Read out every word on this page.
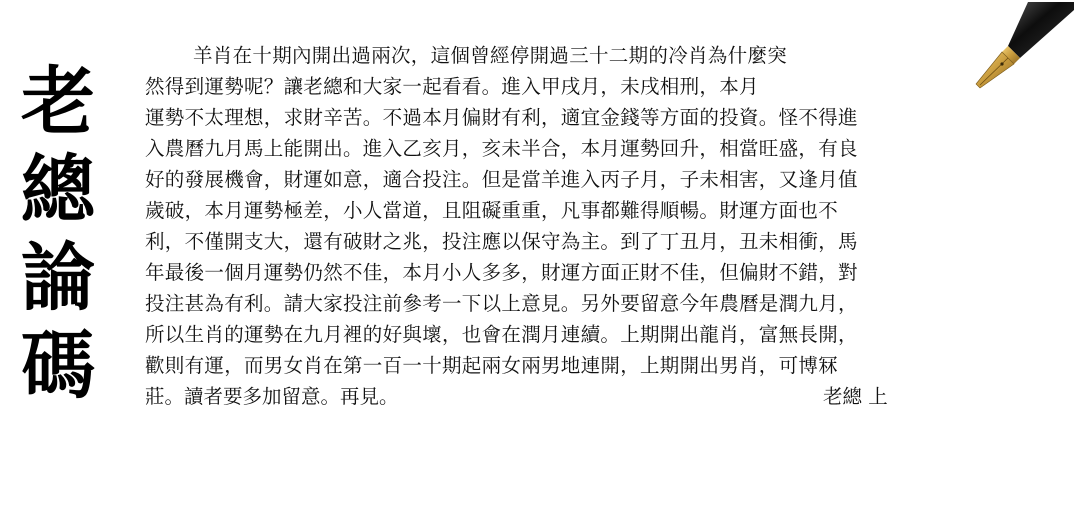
老
總
論
碼
羊肖在十期內開出過兩次，這個曾經停開過三十二期的冷肖為什麼突
然得到運勢呢？讓老總和大家一起看看。進入甲戌月，未戌相刑，本月
運勢不太理想，求財辛苦。不過本月偏財有利，適宜金錢等方面的投資。怪不得進
入農曆九月馬上能開出。進入乙亥月，亥未半合，本月運勢回升，相當旺盛，有良
好的發展機會，財運如意，適合投注。但是當羊進入丙子月，子未相害，又逢月值
歲破，本月運勢極差，小人當道，且阻礙重重，凡事都難得順暢。財運方面也不
利，不僅開支大，還有破財之兆，投注應以保守為主。到了丁丑月，丑未相衝，馬
年最後一個月運勢仍然不佳，本月小人多多，財運方面正財不佳，但偏財不錯，對
投注甚為有利。請大家投注前參考一下以上意見。另外要留意今年農曆是潤九月，
所以生肖的運勢在九月裡的好與壞，也會在潤月連續。上期開出龍肖，富無長開，
歡則有運，而男女肖在第一百一十期起兩女兩男地連開，上期開出男肖，可博冧
莊。讀者要多加留意。再見。	老總 上
